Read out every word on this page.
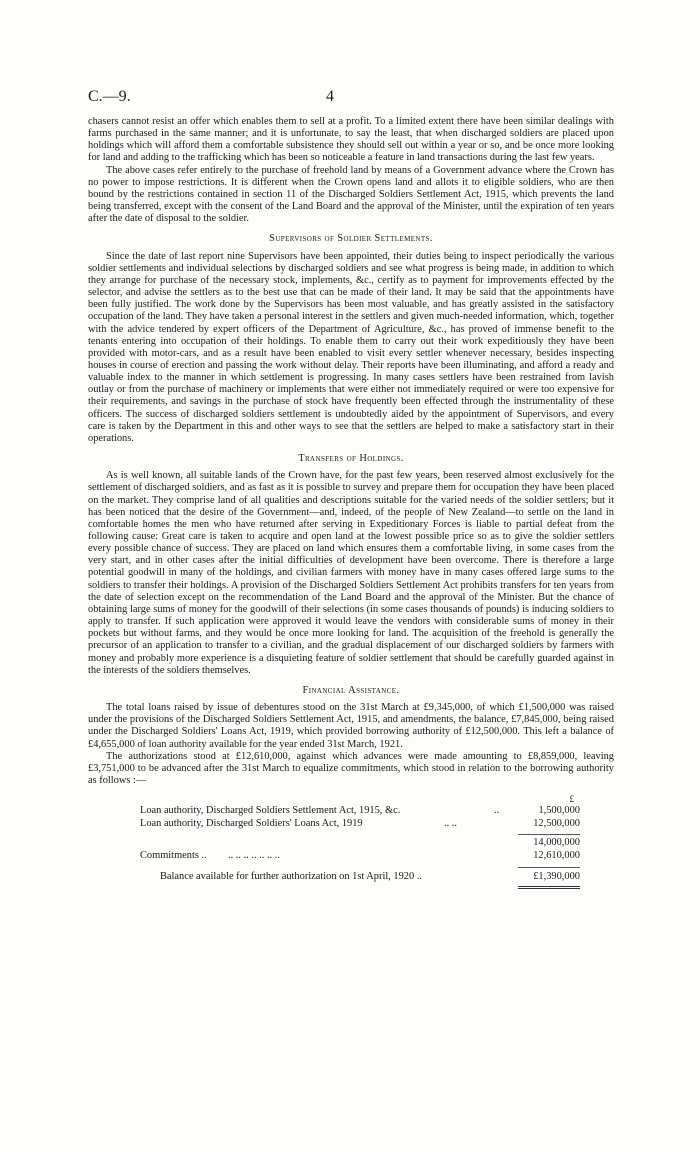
C.—9.	4

chasers cannot resist an offer which enables them to sell at a profit. To a limited extent there have been similar dealings with farms purchased in the same manner; and it is unfortunate, to say the least, that when discharged soldiers are placed upon holdings which will afford them a comfortable subsistence they should sell out within a year or so, and be once more looking for land and adding to the trafficking which has been so noticeable a feature in land transactions during the last few years.

The above cases refer entirely to the purchase of freehold land by means of a Government advance where the Crown has no power to impose restrictions. It is different when the Crown opens land and allots it to eligible soldiers, who are then bound by the restrictions contained in section 11 of the Discharged Soldiers Settlement Act, 1915, which prevents the land being transferred, except with the consent of the Land Board and the approval of the Minister, until the expiration of ten years after the date of disposal to the soldier.

Supervisors of Soldier Settlements.

Since the date of last report nine Supervisors have been appointed, their duties being to inspect periodically the various soldier settlements and individual selections by discharged soldiers and see what progress is being made, in addition to which they arrange for purchase of the necessary stock, implements, &c., certify as to payment for improvements effected by the selector, and advise the settlers as to the best use that can be made of their land. It may be said that the appointments have been fully justified. The work done by the Supervisors has been most valuable, and has greatly assisted in the satisfactory occupation of the land. They have taken a personal interest in the settlers and given much-needed information, which, together with the advice tendered by expert officers of the Department of Agriculture, &c., has proved of immense benefit to the tenants entering into occupation of their holdings. To enable them to carry out their work expeditiously they have been provided with motor-cars, and as a result have been enabled to visit every settler whenever necessary, besides inspecting houses in course of erection and passing the work without delay. Their reports have been illuminating, and afford a ready and valuable index to the manner in which settlement is progressing. In many cases settlers have been restrained from lavish outlay or from the purchase of machinery or implements that were either not immediately required or were too expensive for their requirements, and savings in the purchase of stock have frequently been effected through the instrumentality of these officers. The success of discharged soldiers settlement is undoubtedly aided by the appointment of Supervisors, and every care is taken by the Department in this and other ways to see that the settlers are helped to make a satisfactory start in their operations.

Transfers of Holdings.

As is well known, all suitable lands of the Crown have, for the past few years, been reserved almost exclusively for the settlement of discharged soldiers, and as fast as it is possible to survey and prepare them for occupation they have been placed on the market. They comprise land of all qualities and descriptions suitable for the varied needs of the soldier settlers; but it has been noticed that the desire of the Government—and, indeed, of the people of New Zealand—to settle on the land in comfortable homes the men who have returned after serving in Expeditionary Forces is liable to partial defeat from the following cause: Great care is taken to acquire and open land at the lowest possible price so as to give the soldier settlers every possible chance of success. They are placed on land which ensures them a comfortable living, in some cases from the very start, and in other cases after the initial difficulties of development have been overcome. There is therefore a large potential goodwill in many of the holdings, and civilian farmers with money have in many cases offered large sums to the soldiers to transfer their holdings. A provision of the Discharged Soldiers Settlement Act prohibits transfers for ten years from the date of selection except on the recommendation of the Land Board and the approval of the Minister. But the chance of obtaining large sums of money for the goodwill of their selections (in some cases thousands of pounds) is inducing soldiers to apply to transfer. If such application were approved it would leave the vendors with considerable sums of money in their pockets but without farms, and they would be once more looking for land. The acquisition of the freehold is generally the precursor of an application to transfer to a civilian, and the gradual displacement of our discharged soldiers by farmers with money and probably more experience is a disquieting feature of soldier settlement that should be carefully guarded against in the interests of the soldiers themselves.

Financial Assistance.

The total loans raised by issue of debentures stood on the 31st March at £9,345,000, of which £1,500,000 was raised under the provisions of the Discharged Soldiers Settlement Act, 1915, and amendments, the balance, £7,845,000, being raised under the Discharged Soldiers' Loans Act, 1919, which provided borrowing authority of £12,500,000. This left a balance of £4,655,000 of loan authority available for the year ended 31st March, 1921.

The authorizations stood at £12,610,000, against which advances were made amounting to £8,859,000, leaving £3,751,000 to be advanced after the 31st March to equalize commitments, which stood in relation to the borrowing authority as follows :—

£
Loan authority, Discharged Soldiers Settlement Act, 1915, &c.	..	1,500,000
Loan authority, Discharged Soldiers' Loans Act, 1919	.. ..	12,500,000
14,000,000
Commitments .. .. .. .. .. .. .. ..	12,610,000
Balance available for further authorization on 1st April, 1920 ..	£1,390,000
